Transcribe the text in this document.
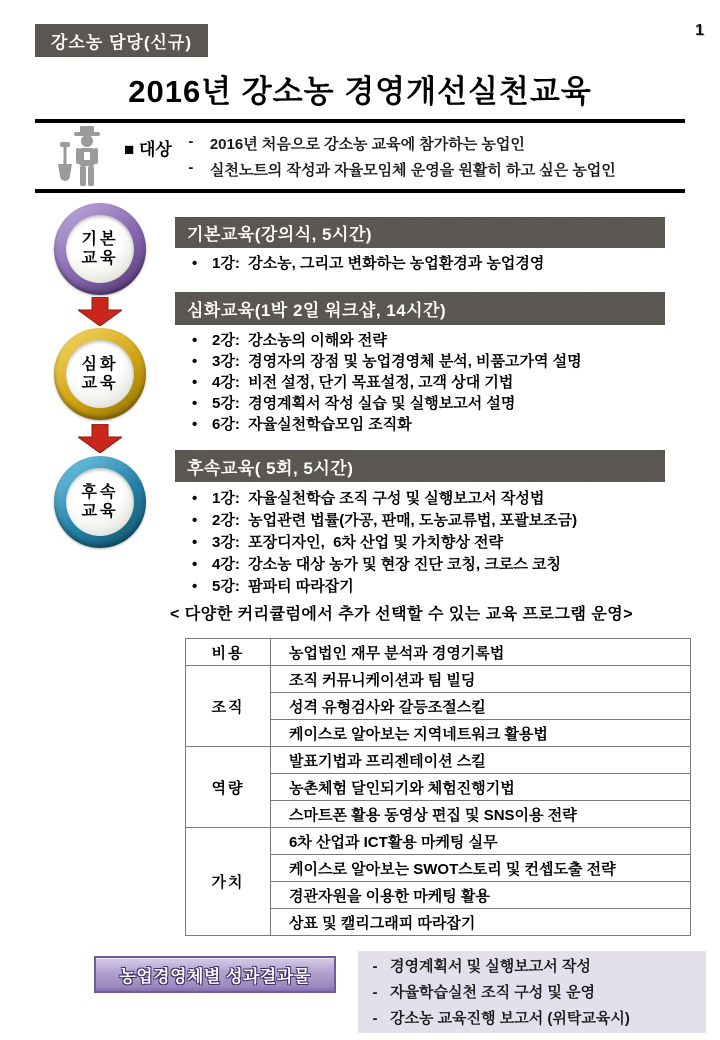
강소농 담당(신규)
1
2016년 강소농 경영개선실천교육
■ 대상 - 2016년 처음으로 강소농 교육에 참가하는 농업인
- 실천노트의 작성과 자율모임체 운영을 원활히 하고 싶은 농업인
기본
교육
심화
교육
후속
교육
기본교육(강의식, 5시간)
• 1강:  강소농, 그리고 변화하는 농업환경과 농업경영
심화교육(1박 2일 워크샵, 14시간)
• 2강:  강소농의 이해와 전략
• 3강:  경영자의 장점 및 농업경영체 분석, 비품고가역 설명
• 4강:  비전 설정, 단기 목표설정, 고객 상대 기법
• 5강:  경영계획서 작성 실습 및 실행보고서 설명
• 6강:  자율실천학습모임 조직화
후속교육( 5회, 5시간)
• 1강:  자율실천학습 조직 구성 및 실행보고서 작성법
• 2강:  농업관련 법률(가공, 판매, 도농교류법, 포괄보조금)
• 3강:  포장디자인,  6차 산업 및 가치향상 전략
• 4강:  강소농 대상 농가 및 현장 진단 코칭, 크로스 코칭
• 5강:  팜파티 따라잡기
< 다양한 커리큘럼에서 추가 선택할 수 있는 교육 프로그램 운영>
비용	농업법인 재무 분석과 경영기록법
조직	조직 커뮤니케이션과 팀 빌딩
	성격 유형검사와 갈등조절스킬
	케이스로 알아보는 지역네트워크 활용법
역량	발표기법과 프리젠테이션 스킬
	농촌체험 달인되기와 체험진행기법
	스마트폰 활용 동영상 편집 및 SNS이용 전략
가치	6차 산업과 ICT활용 마케팅 실무
	케이스로 알아보는 SWOT스토리 및 컨셉도출 전략
	경관자원을 이용한 마케팅 활용
	상표 및 캘리그래피 따라잡기
농업경영체별 성과결과물
- 경영계획서 및 실행보고서 작성
- 자율학습실천 조직 구성 및 운영
- 강소농 교육진행 보고서 (위탁교육시)
